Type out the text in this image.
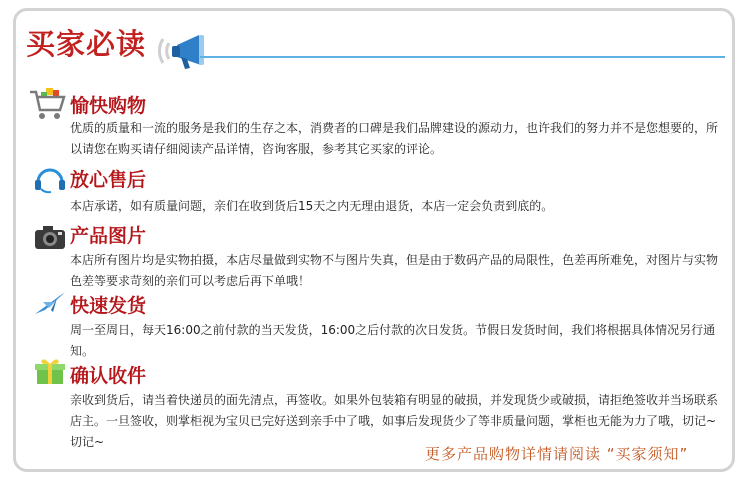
买家必读
愉快购物
优质的质量和一流的服务是我们的生存之本，消费者的口碑是我们品牌建设的源动力，也许我们的努力并不是您想要的，所以请您在购买请仔细阅读产品详情，咨询客服，参考其它买家的评论。
放心售后
本店承诺，如有质量问题，亲们在收到货后15天之内无理由退货，本店一定会负责到底的。
产品图片
本店所有图片均是实物拍摄，本店尽量做到实物不与图片失真，但是由于数码产品的局限性，色差再所难免，对图片与实物色差等要求苛刻的亲们可以考虑后再下单哦！
快速发货
周一至周日，每天16:00之前付款的当天发货，16:00之后付款的次日发货。节假日发货时间，我们将根据具体情况另行通知。
确认收件
亲收到货后，请当着快递员的面先清点，再签收。如果外包装箱有明显的破损，并发现货少或破损，请拒绝签收并当场联系店主。一旦签收，则掌柜视为宝贝已完好送到亲手中了哦，如事后发现货少了等非质量问题，掌柜也无能为力了哦，切记~切记~
更多产品购物详情请阅读 “买家须知”
